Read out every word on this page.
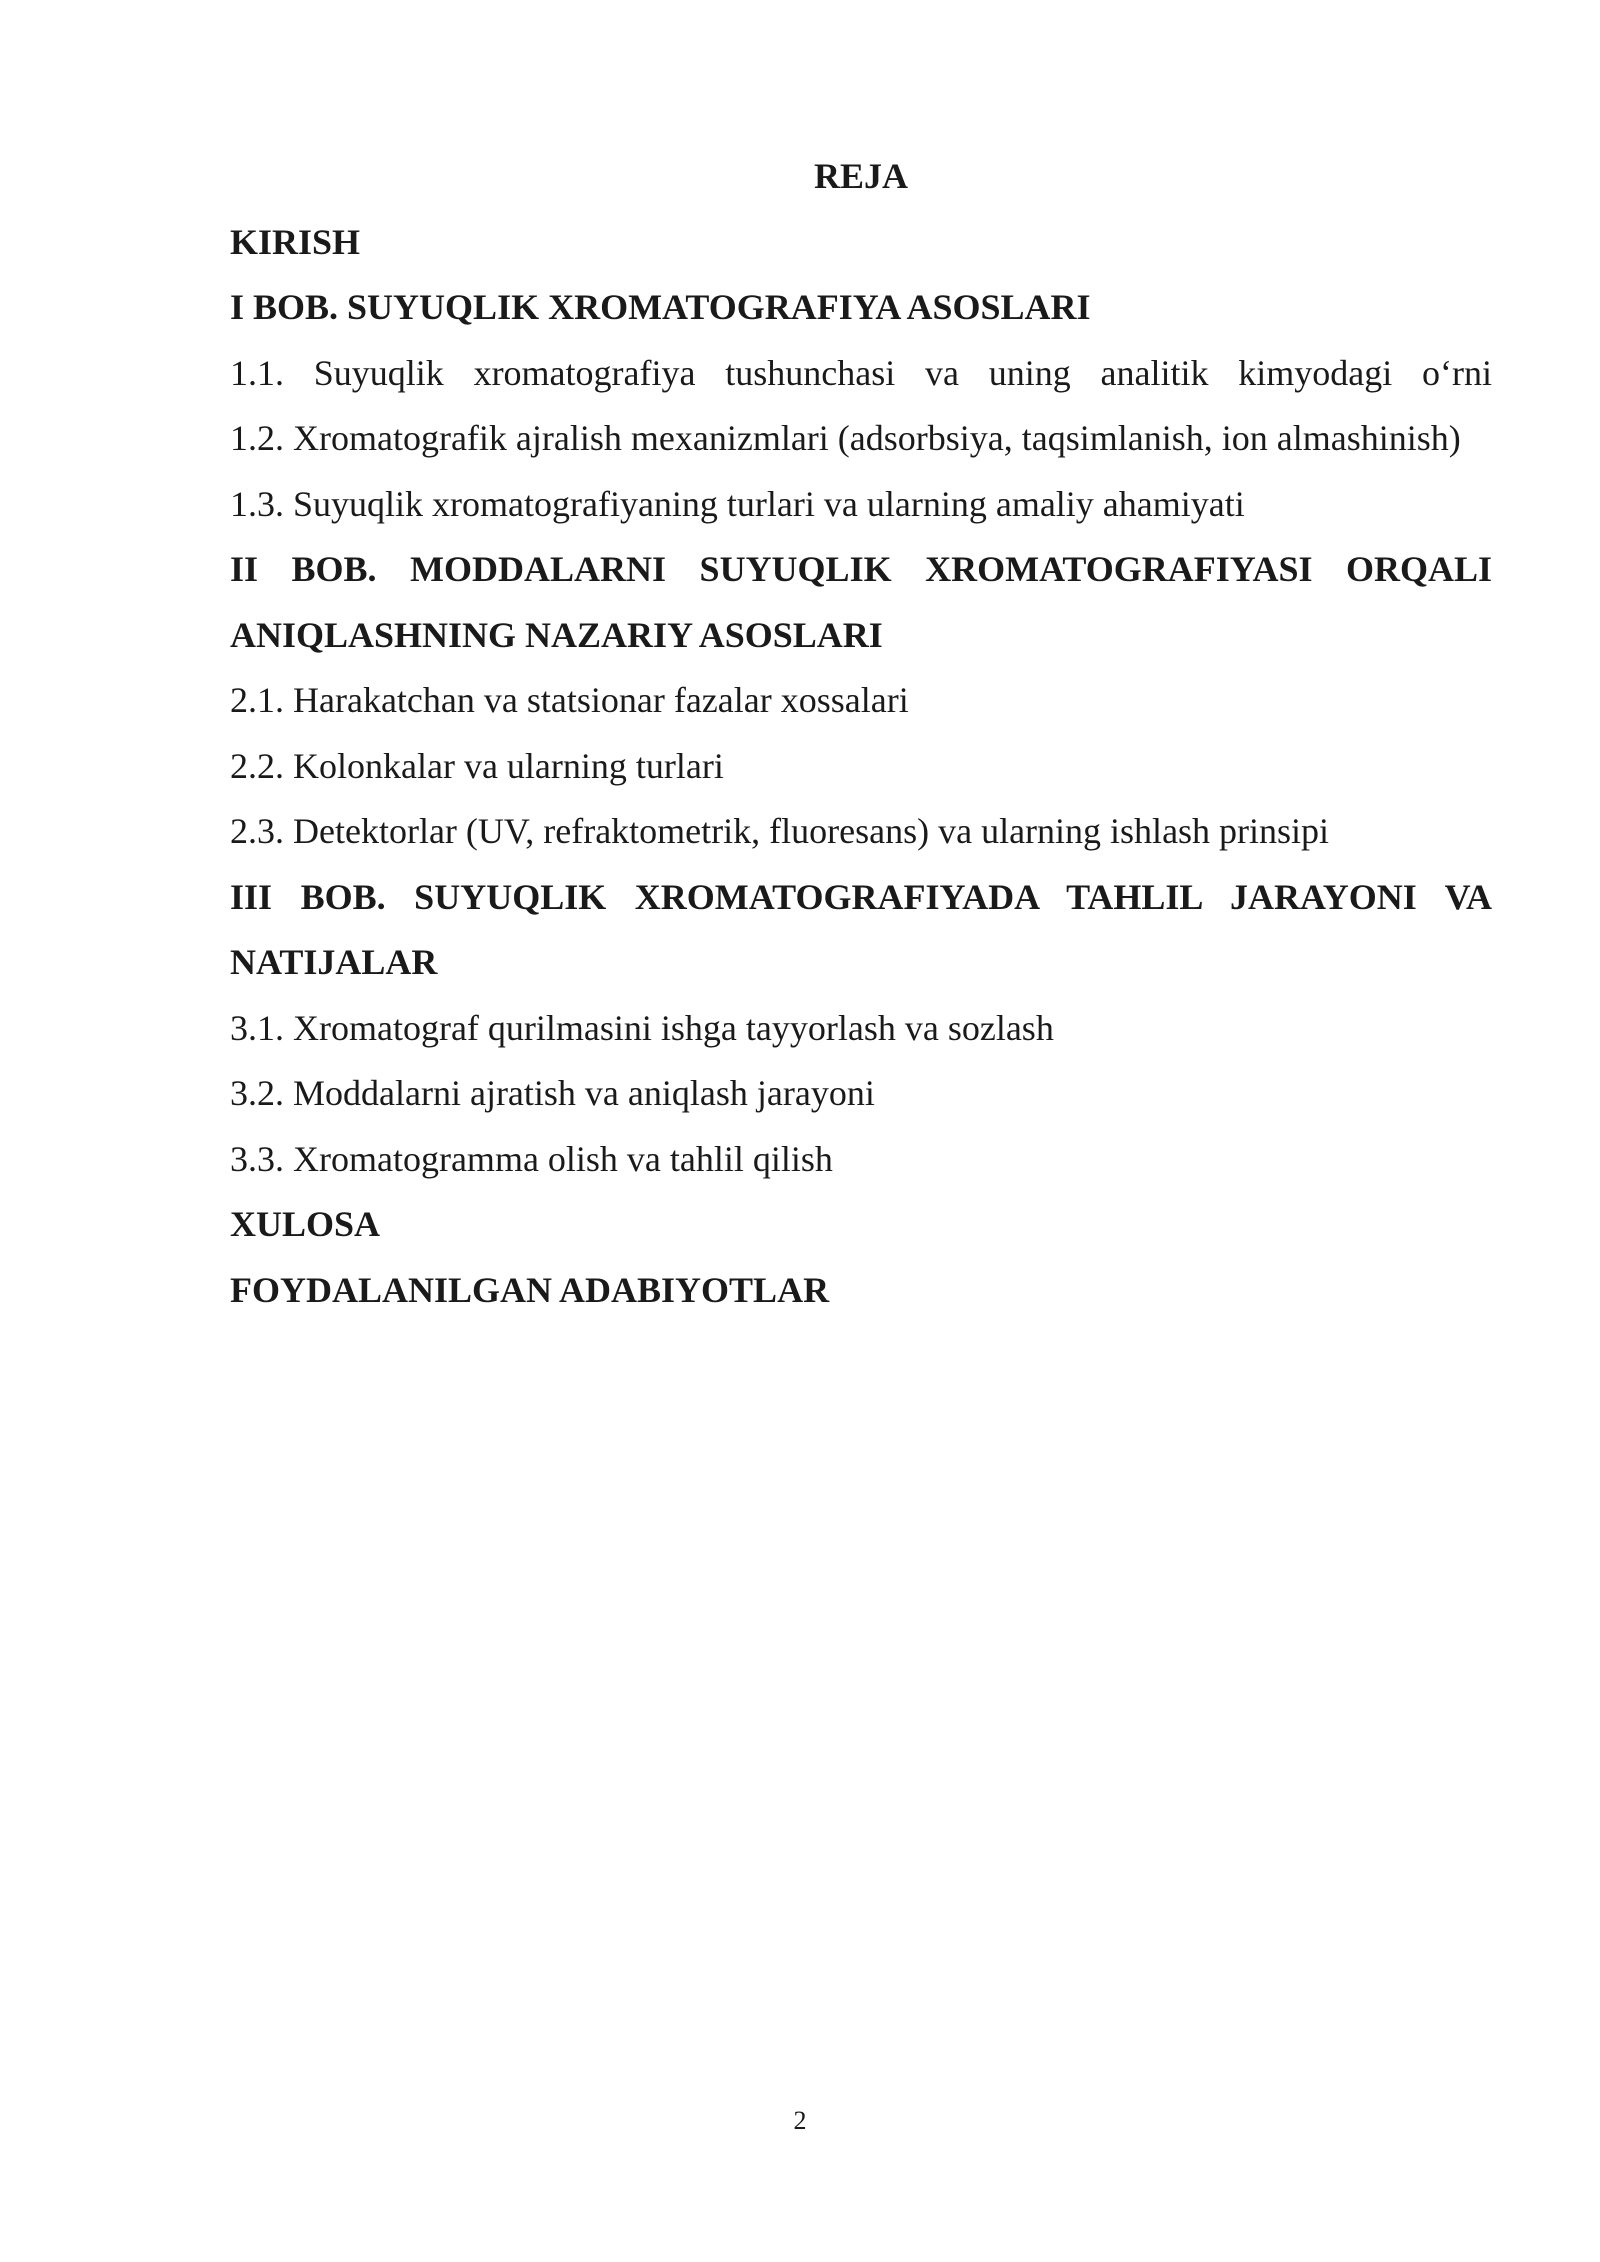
REJA

KIRISH

I BOB. SUYUQLIK XROMATOGRAFIYA ASOSLARI

1.1. Suyuqlik xromatografiya tushunchasi va uning analitik kimyodagi o‘rni

1.2. Xromatografik ajralish mexanizmlari (adsorbsiya, taqsimlanish, ion almashinish)

1.3. Suyuqlik xromatografiyaning turlari va ularning amaliy ahamiyati

II BOB. MODDALARNI SUYUQLIK XROMATOGRAFIYASI ORQALI ANIQLASHNING NAZARIY ASOSLARI

2.1. Harakatchan va statsionar fazalar xossalari

2.2. Kolonkalar va ularning turlari

2.3. Detektorlar (UV, refraktometrik, fluoresans) va ularning ishlash prinsipi

III BOB. SUYUQLIK XROMATOGRAFIYADA TAHLIL JARAYONI VA NATIJALAR

3.1. Xromatograf qurilmasini ishga tayyorlash va sozlash

3.2. Moddalarni ajratish va aniqlash jarayoni

3.3. Xromatogramma olish va tahlil qilish

XULOSA

FOYDALANILGAN ADABIYOTLAR

2
